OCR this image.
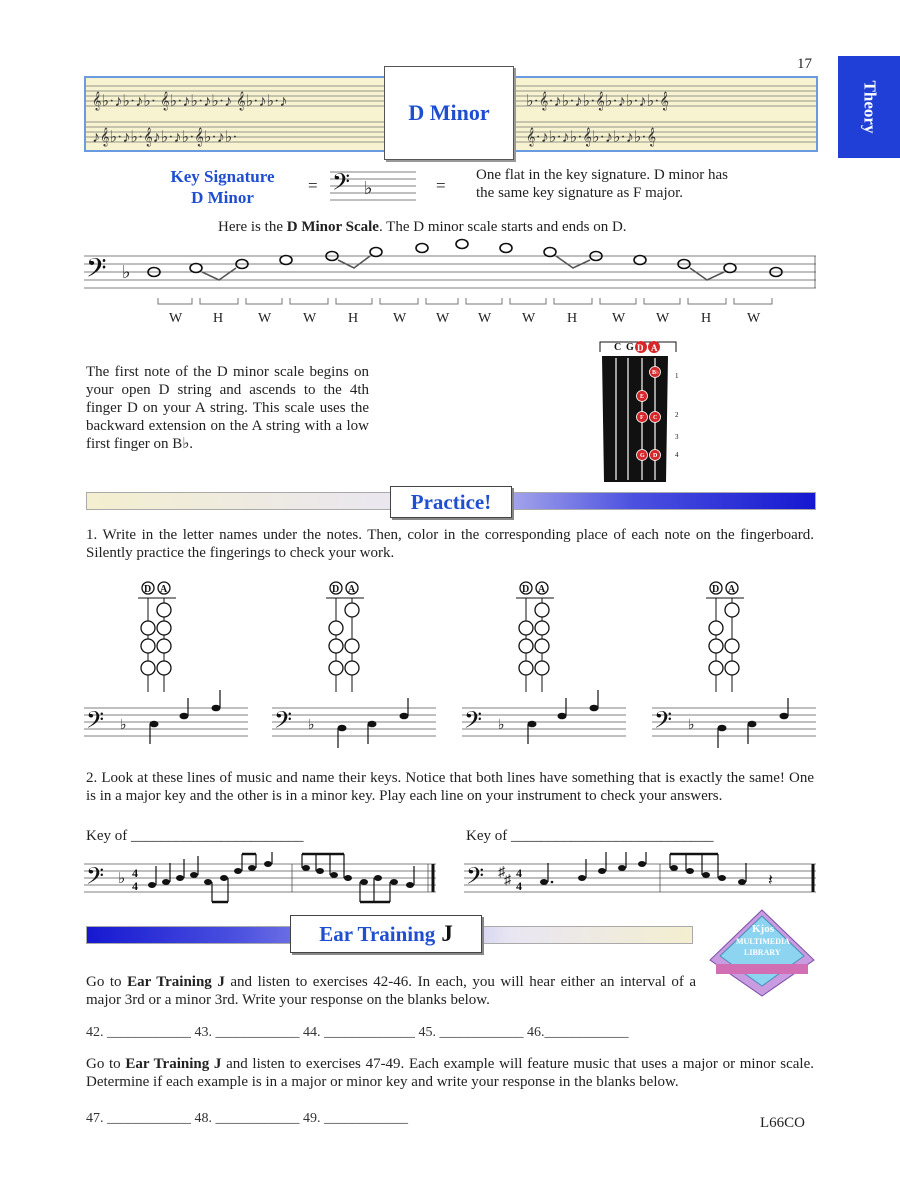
17
Theory
𝄞♭·♪♭·♪♭· 𝄞♭·♪♭·♪♭·♪ 𝄞♭·♪♭·♪	♭·𝄞·♪♭·♪♭·𝄞♭·♪♭·♪♭·𝄞
♪𝄞♭·♪♭·𝄞♪♭·♪♭·𝄞♭·♪♭·	𝄞·♪♭·♪♭·𝄞♭·♪♭·♪♭·𝄞
D Minor
Key Signature
D Minor
= 𝄢 ♭	=
One flat in the key signature. D minor has the same key signature as F major.
Here is the D Minor Scale. The D minor scale starts and ends on D.
𝄢 ♭
W H W W H W W W W H W W H	W
The first note of the D minor scale begins on your open D string and ascends to the 4th finger D on your A string. This scale uses the backward extension on the A string with a low first finger on B♭.
C G D A
1
2
3
4
B♭
E
F C
G D
Practice!
1. Write in the letter names under the notes. Then, color in the corresponding place of each note on the fingerboard. Silently practice the fingerings to check your work.
D A
𝄢 ♭
D A
𝄢 ♭
D A
𝄢 ♭
D A
𝄢 ♭
2. Look at these lines of music and name their keys. Notice that both lines have something that is exactly the same! One is in a major key and the other is in a minor key. Play each line on your instrument to check your answers.
Key of _______________________	Key of ___________________________
𝄢 ♭ 4
4	𝄢 ♯
♯ 4
4	𝄽
Ear Training J	Kjos
MULTIMEDIA
LIBRARY
Go to Ear Training J and listen to exercises 42-46. In each, you will hear either an interval of a major 3rd or a minor 3rd. Write your response on the blanks below.
42. ____________ 43. ____________ 44. _____________ 45. ____________ 46.____________
Go to Ear Training J and listen to exercises 47-49. Each example will feature music that uses a major or minor scale. Determine if each example is in a major or minor key and write your response in the blanks below.
47. ____________ 48. ____________ 49. ____________	L66CO
